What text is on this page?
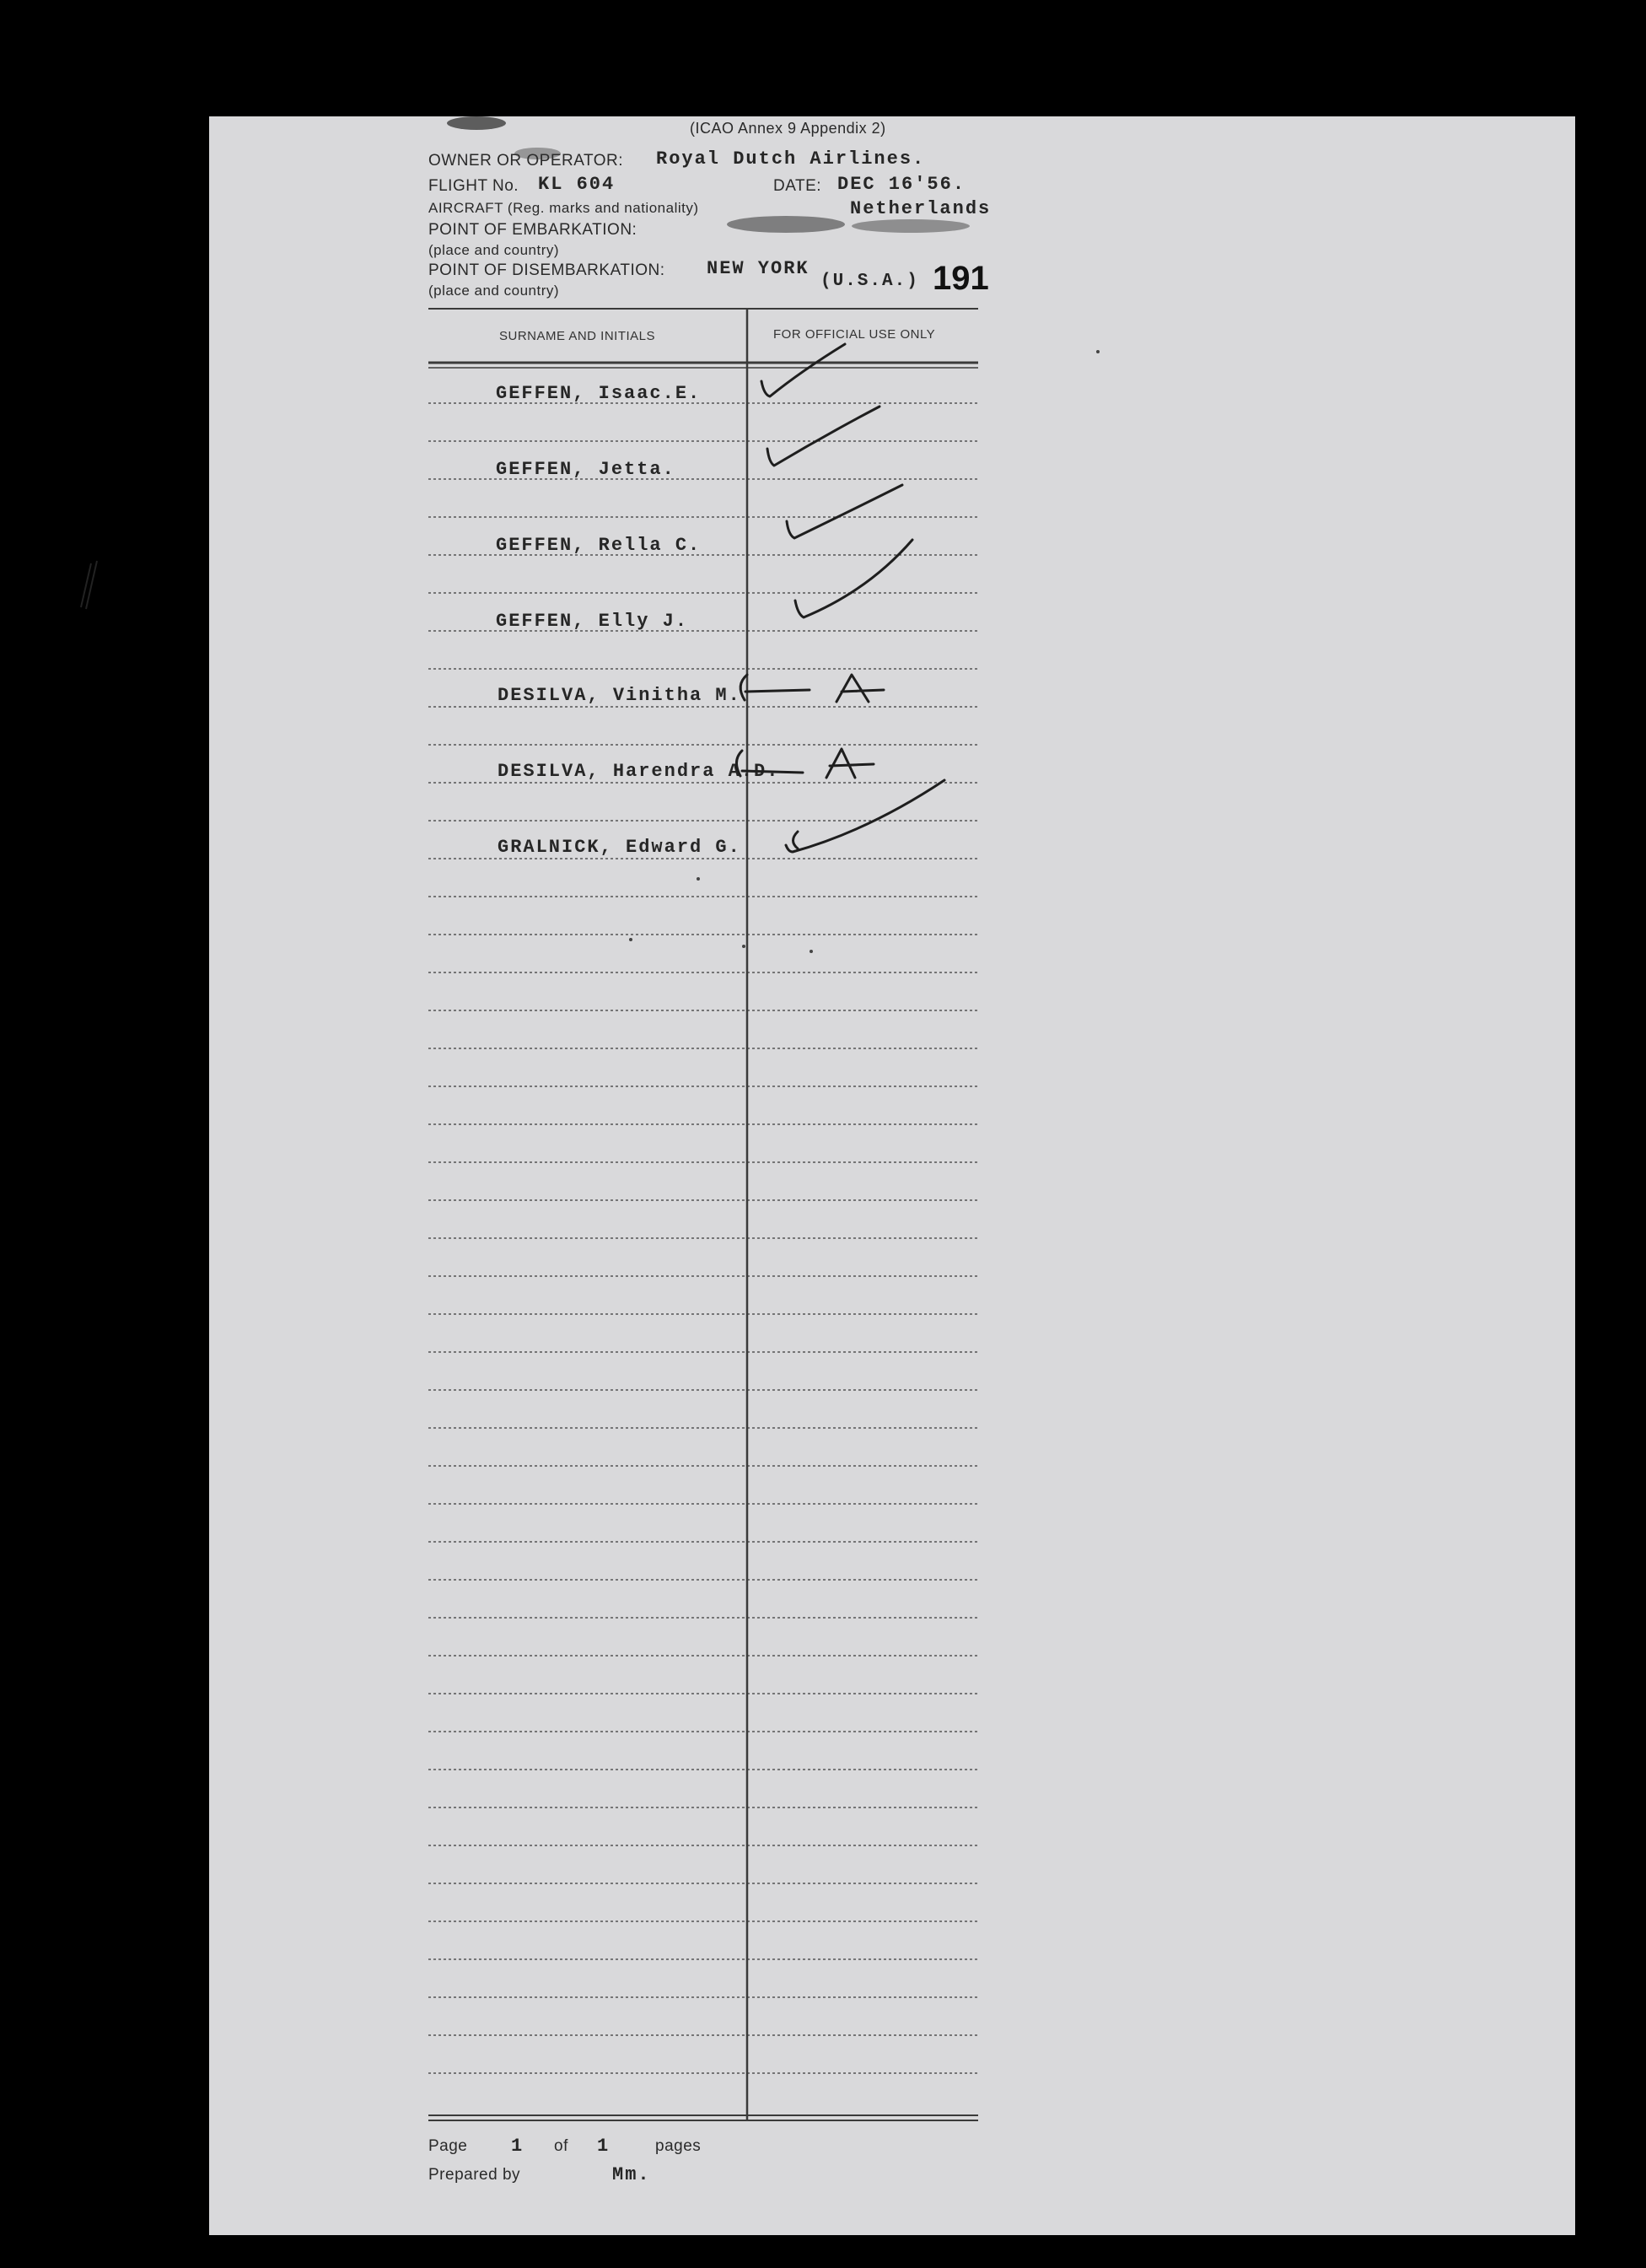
(ICAO Annex 9 Appendix 2)
OWNER OR OPERATOR: Royal Dutch Airlines.
FLIGHT No. KL 604	DATE: DEC 16'56.
AIRCRAFT (Reg. marks and nationality)	Netherlands
POINT OF EMBARKATION:
(place and country)
POINT OF DISEMBARKATION: NEW YORK
(U.S.A.)
(place and country)	191
SURNAME AND INITIALS	FOR OFFICIAL USE ONLY
GEFFEN, Isaac.E.
GEFFEN, Jetta.
GEFFEN, Rella C.
GEFFEN, Elly J.
DESILVA, Vinitha M.
DESILVA, Harendra A.D.
GRALNICK, Edward G.
Page 1 of 1	pages
Prepared by	Mm.
